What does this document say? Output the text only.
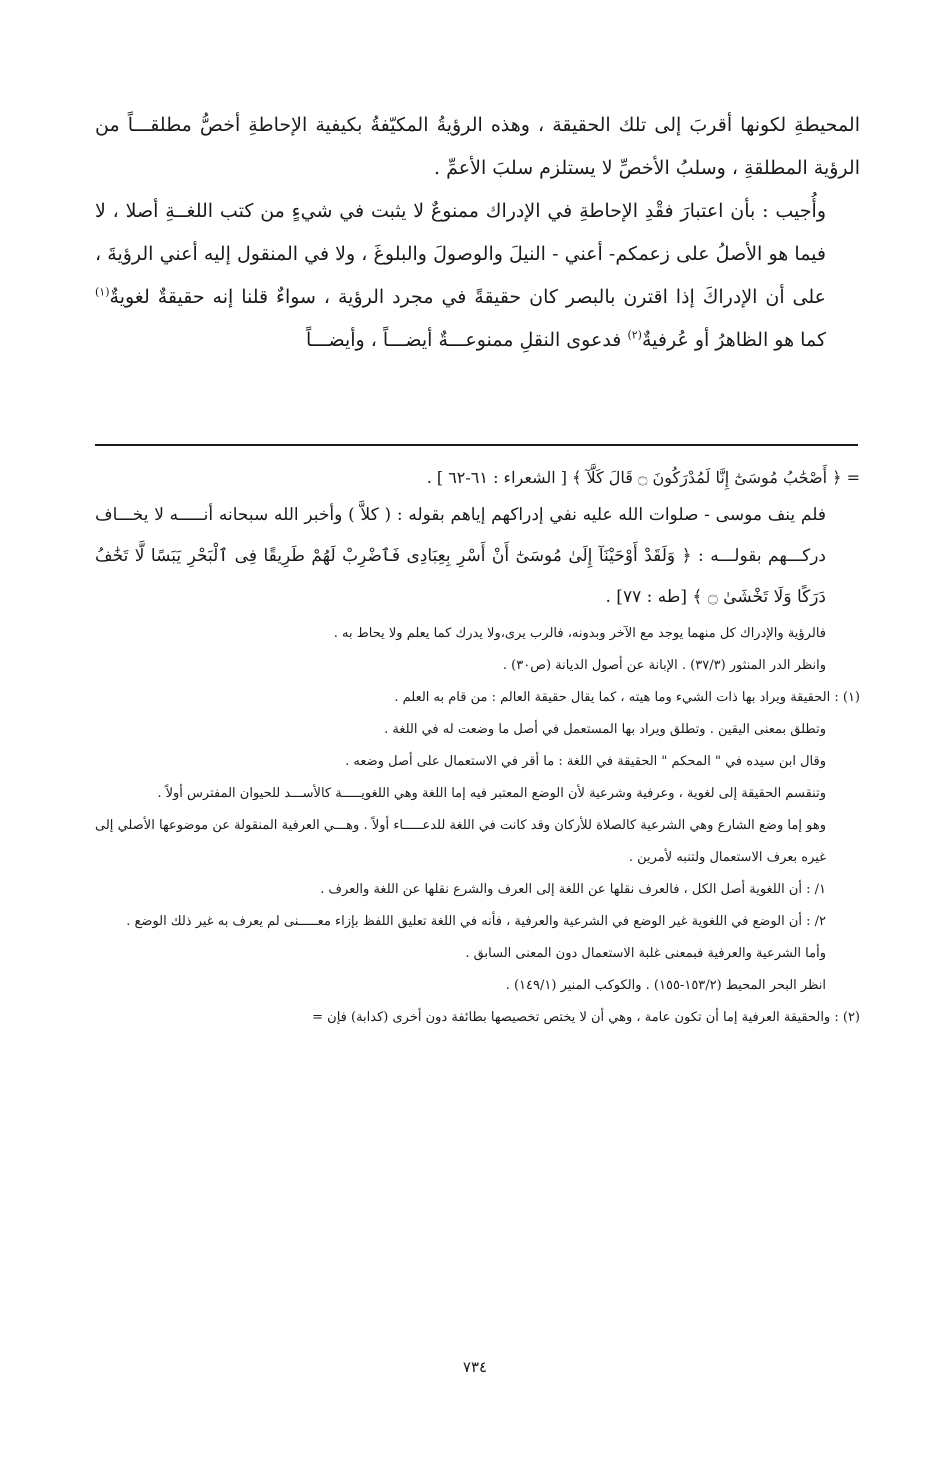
المحيطةِ لكونها أقربَ إلى تلك الحقيقة ، وهذه الرؤيةُ المكيّفةُ بكيفية الإحاطةِ أخصُّ مطلقـــاً من الرؤية المطلقةِ ، وسلبُ الأخصِّ لا يستلزم سلبَ الأعمِّ .

وأُجيب : بأن اعتبارَ فقْدِ الإحاطةِ في الإدراك ممنوعٌ لا يثبت في شيءٍ من كتب اللغــةِ أصلا ، لا فيما هو الأصلُ على زعمكم- أعني - النيلَ والوصولَ والبلوغَ ، ولا في المنقول إليه أعني الرؤيةَ ، على أن الإدراكَ إذا اقترن بالبصر كان حقيقةً في مجرد الرؤية ، سواءٌ قلنا إنه حقيقةٌ لغويةٌ$^{(١)}$ كما هو الظاهرُ أو عُرفيةٌ$^{(٢)}$ فدعوى النقلِ ممنوعـــةٌ أيضـــاً ، وأيضـــاً

= ﴿ أَصْحَٰبُ مُوسَىٰٓ إِنَّا لَمُدْرَكُونَ ۝ قَالَ كَلَّآ ﴾ [ الشعراء : ٦١-٦٢ ] .

فلم ينف موسى - صلوات الله عليه نفي إدراكهم إياهم بقوله : ( كلاَّ ) وأخبر الله سبحانه أنـــــه لا يخـــاف دركـــهم بقولـــه : ﴿ وَلَقَدْ أَوْحَيْنَآ إِلَىٰ مُوسَىٰٓ أَنْ أَسْرِ بِعِبَادِى فَٱضْرِبْ لَهُمْ طَرِيقًا فِى ٱلْبَحْرِ يَبَسًا لَّا تَخَٰفُ دَرَكًا وَلَا تَخْشَىٰ ۝ ﴾ [طه : ٧٧] .

فالرؤية والإدراك كل منهما يوجد مع الآخر وبدونه، فالرب يرى،ولا يدرك كما يعلم ولا يحاط به .

وانظر الدر المنثور (٣٧/٣) . الإبانة عن أصول الديانة (ص٣٠) .

(١) : الحقيقة ويراد بها ذات الشيء وما هيته ، كما يقال حقيقة العالم : من قام به العلم .

وتطلق بمعنى اليقين . وتطلق ويراد بها المستعمل في أصل ما وضعت له في اللغة .

وقال ابن سيده في " المحكم " الحقيقة في اللغة : ما أقر في الاستعمال على أصل وضعه .

وتنقسم الحقيقة إلى لغوية ، وعرفية وشرعية لأن الوضع المعتبر فيه إما اللغة وهي اللغويـــــة كالأســـد للحيوان المفترس أولاً .

وهو إما وضع الشارع وهي الشرعية كالصلاة للأركان وقد كانت في اللغة للدعـــــاء أولاً . وهـــي العرفية المنقولة عن موضوعها الأصلي إلى غيره بعرف الاستعمال ولتنبه لأمرين .

١/ : أن اللغوية أصل الكل ، فالعرف نقلها عن اللغة إلى العرف والشرع نقلها عن اللغة والعرف .

٢/ : أن الوضع في اللغوية غير الوضع في الشرعية والعرفية ، فأنه في اللغة تعليق اللفظ بإزاء معـــــنى لم يعرف به غير ذلك الوضع .

وأما الشرعية والعرفية فبمعنى غلبة الاستعمال دون المعنى السابق .

انظر البحر المحيط (١٥٣/٢-١٥٥) . والكوكب المنير (١٤٩/١) .

(٢) : والحقيقة العرفية إما أن تكون عامة ، وهي أن لا يختص تخصيصها بطائفة دون أخرى (كدابة) فإن =

٧٣٤
